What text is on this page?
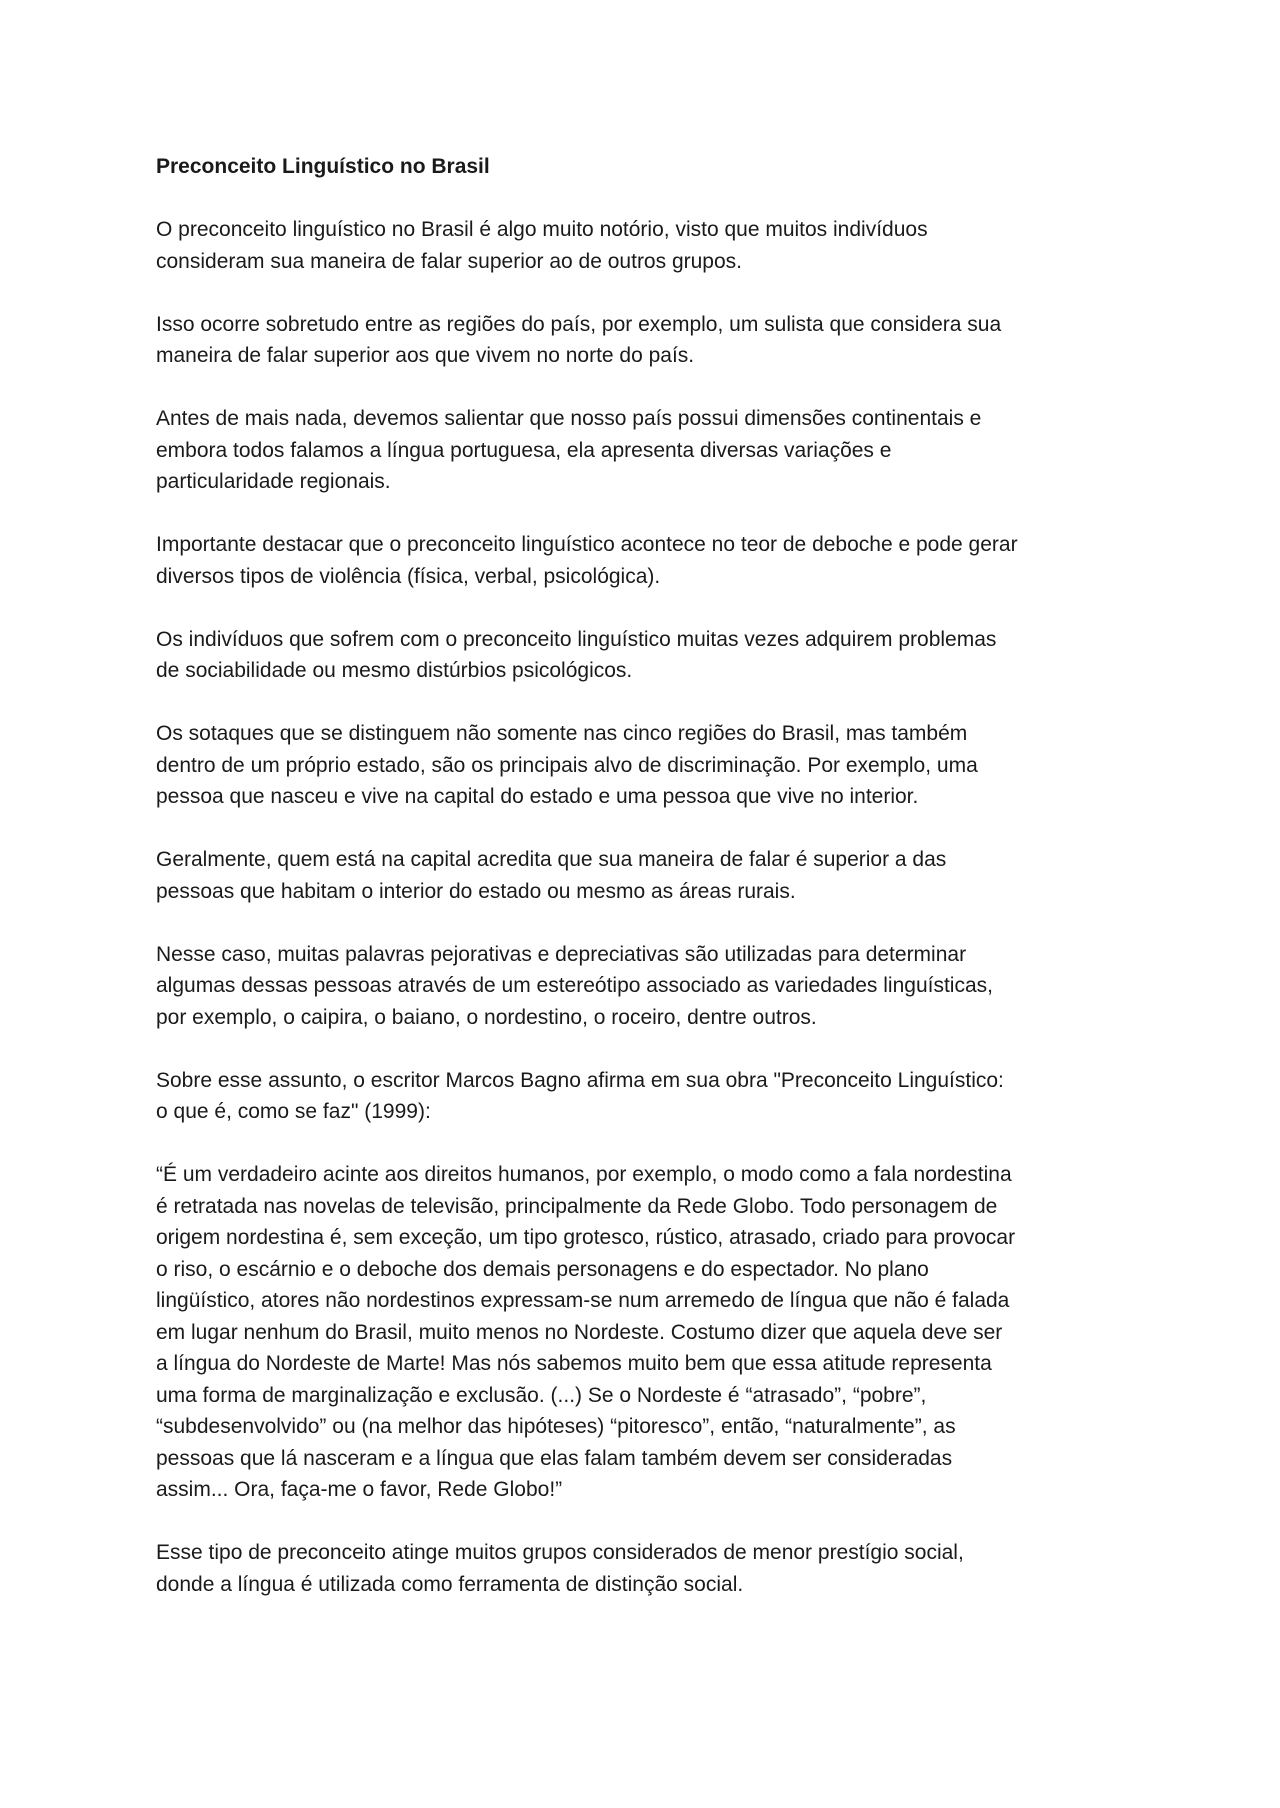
Preconceito Linguístico no Brasil

O preconceito linguístico no Brasil é algo muito notório, visto que muitos indivíduos
consideram sua maneira de falar superior ao de outros grupos.

Isso ocorre sobretudo entre as regiões do país, por exemplo, um sulista que considera sua
maneira de falar superior aos que vivem no norte do país.

Antes de mais nada, devemos salientar que nosso país possui dimensões continentais e
embora todos falamos a língua portuguesa, ela apresenta diversas variações e
particularidade regionais.

Importante destacar que o preconceito linguístico acontece no teor de deboche e pode gerar
diversos tipos de violência (física, verbal, psicológica).

Os indivíduos que sofrem com o preconceito linguístico muitas vezes adquirem problemas
de sociabilidade ou mesmo distúrbios psicológicos.

Os sotaques que se distinguem não somente nas cinco regiões do Brasil, mas também
dentro de um próprio estado, são os principais alvo de discriminação. Por exemplo, uma
pessoa que nasceu e vive na capital do estado e uma pessoa que vive no interior.

Geralmente, quem está na capital acredita que sua maneira de falar é superior a das
pessoas que habitam o interior do estado ou mesmo as áreas rurais.

Nesse caso, muitas palavras pejorativas e depreciativas são utilizadas para determinar
algumas dessas pessoas através de um estereótipo associado as variedades linguísticas,
por exemplo, o caipira, o baiano, o nordestino, o roceiro, dentre outros.

Sobre esse assunto, o escritor Marcos Bagno afirma em sua obra "Preconceito Linguístico:
o que é, como se faz" (1999):

“É um verdadeiro acinte aos direitos humanos, por exemplo, o modo como a fala nordestina
é retratada nas novelas de televisão, principalmente da Rede Globo. Todo personagem de
origem nordestina é, sem exceção, um tipo grotesco, rústico, atrasado, criado para provocar
o riso, o escárnio e o deboche dos demais personagens e do espectador. No plano
lingüístico, atores não nordestinos expressam-se num arremedo de língua que não é falada
em lugar nenhum do Brasil, muito menos no Nordeste. Costumo dizer que aquela deve ser
a língua do Nordeste de Marte! Mas nós sabemos muito bem que essa atitude representa
uma forma de marginalização e exclusão. (...) Se o Nordeste é “atrasado”, “pobre”,
“subdesenvolvido” ou (na melhor das hipóteses) “pitoresco”, então, “naturalmente”, as
pessoas que lá nasceram e a língua que elas falam também devem ser consideradas
assim... Ora, faça-me o favor, Rede Globo!”

Esse tipo de preconceito atinge muitos grupos considerados de menor prestígio social,
donde a língua é utilizada como ferramenta de distinção social.
